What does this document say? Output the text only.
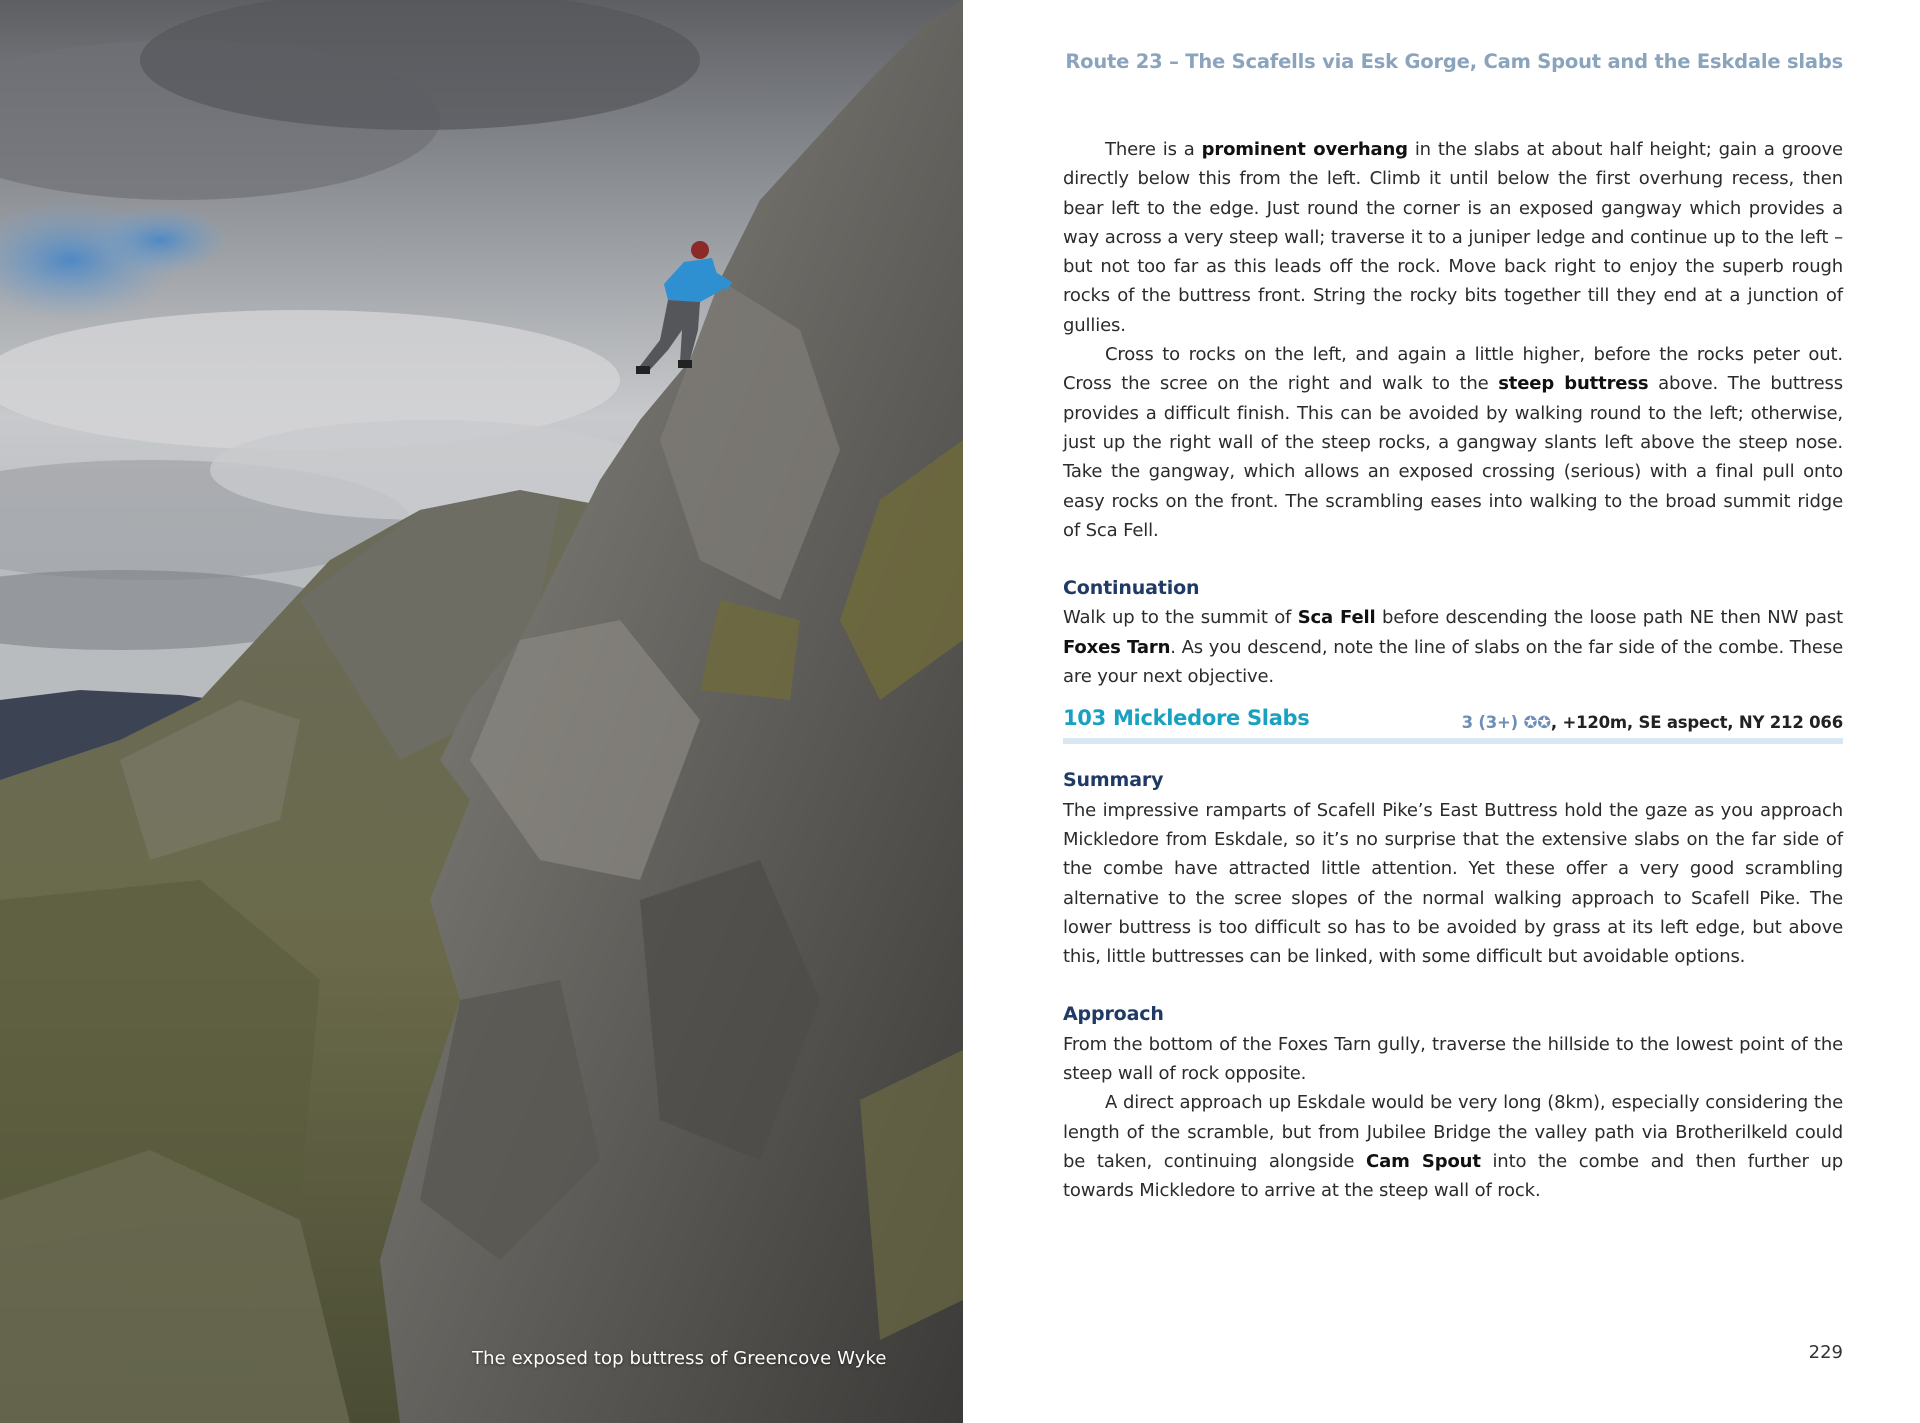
The exposed top buttress of Greencove Wyke
Route 23 – The Scafells via Esk Gorge, Cam Spout and the Eskdale slabs

There is a prominent overhang in the slabs at about half height; gain a groove directly below this from the left. Climb it until below the first overhung recess, then bear left to the edge. Just round the corner is an exposed gangway which provides a way across a very steep wall; traverse it to a juniper ledge and continue up to the left – but not too far as this leads off the rock. Move back right to enjoy the superb rough rocks of the buttress front. String the rocky bits together till they end at a junction of gullies.

Cross to rocks on the left, and again a little higher, before the rocks peter out. Cross the scree on the right and walk to the steep buttress above. The buttress provides a difficult finish. This can be avoided by walking round to the left; otherwise, just up the right wall of the steep rocks, a gangway slants left above the steep nose. Take the gangway, which allows an exposed crossing (serious) with a final pull onto easy rocks on the front. The scrambling eases into walking to the broad summit ridge of Sca Fell.

Continuation

Walk up to the summit of Sca Fell before descending the loose path NE then NW past Foxes Tarn. As you descend, note the line of slabs on the far side of the combe. These are your next objective.

103 Mickledore Slabs	3 (3+) ✪✪, +120m, SE aspect, NY 212 066
Summary

The impressive ramparts of Scafell Pike’s East Buttress hold the gaze as you approach Mickledore from Eskdale, so it’s no surprise that the extensive slabs on the far side of the combe have attracted little attention. Yet these offer a very good scrambling alternative to the scree slopes of the normal walking approach to Scafell Pike. The lower buttress is too difficult so has to be avoided by grass at its left edge, but above this, little buttresses can be linked, with some difficult but avoidable options.

Approach

From the bottom of the Foxes Tarn gully, traverse the hillside to the lowest point of the steep wall of rock opposite.

A direct approach up Eskdale would be very long (8km), especially considering the length of the scramble, but from Jubilee Bridge the valley path via Brotherilkeld could be taken, continuing alongside Cam Spout into the combe and then further up towards Mickledore to arrive at the steep wall of rock.

229
